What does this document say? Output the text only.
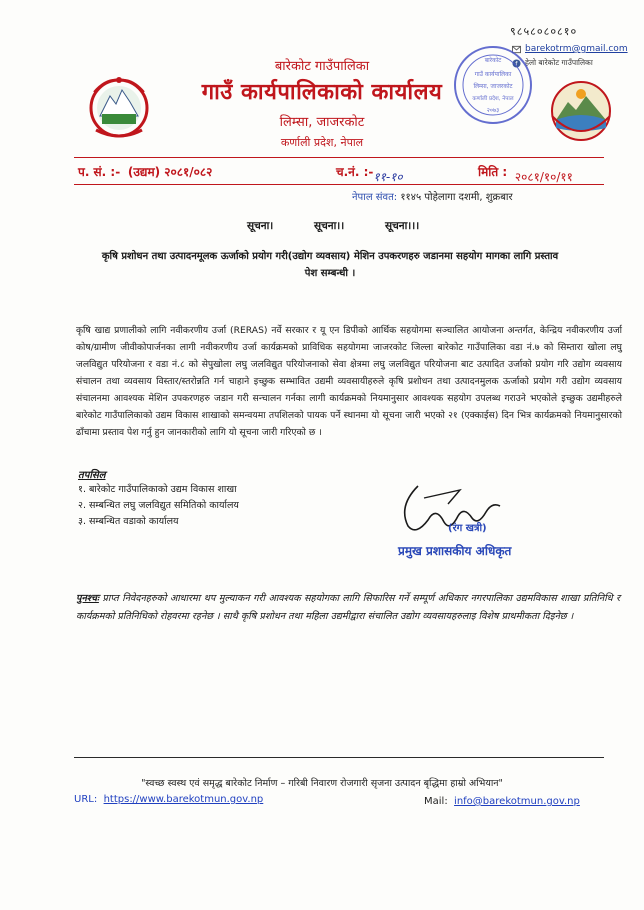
९८५८०८०८१०
barekotrm@gmail.com
f हेलो बारेकोट गाउँपालिका
बारेकोट गाउँपालिका
गाउँ कार्यपालिकाको कार्यालय
लिम्सा, जाजरकोट
कर्णाली प्रदेश, नेपाल
बारेकोट
गाउँ कार्यपालिका
लिम्सा, जाजरकोट
कर्णाली प्रदेश, नेपाल
२०७३
प. सं. :- (उद्यम) २०८१/०८२	च.नं. :- ११-१०	मिति : २०८१/१०/११
नेपाल संवत: ११४५ पोहेलागा दशमी, शुक्रबार
सूचना।	सूचना।।	सूचना।।।
कृषि प्रशोधन तथा उत्पादनमूलक ऊर्जाको प्रयोग गरी(उद्योग व्यवसाय) मेशिन उपकरणहरु जडानमा सहयोग मागका लागि प्रस्ताव पेश सम्बन्धी ।
कृषि खाद्य प्रणालीको लागि नवीकरणीय उर्जा (RERAS) नर्वे सरकार र यू एन डिपीको आर्थिक सहयोगमा सञ्चालित आयोजना अन्तर्गत, केन्द्रिय नवीकरणीय उर्जा कोष/ग्रामीण जीवीकोपार्जनका लागी नवीकरणीय उर्जा कार्यक्रमको प्राविधिक सहयोगमा जाजरकोट जिल्ला बारेकोट गाउँपालिका वडा नं.७ को सिम्तारा खोला लघु जलविद्युत परियोजना र वडा नं.८ को सेपुखोला लघु जलविद्युत परियोजनाको सेवा क्षेत्रमा लघु जलविद्युत परियोजना बाट उत्पादित उर्जाको प्रयोग गरि उद्योग व्यवसाय संचालन तथा व्यवसाय विस्तार/स्तरोन्नति गर्न चाहाने इच्छुक सम्भावित उद्यमी व्यवसायीहरुले कृषि प्रशोधन तथा उत्पादनमुलक ऊर्जाको प्रयोग गरी उद्योग व्यवसाय संचालनमा आवश्यक मेशिन उपकरणहरु जडान गरी सन्चालन गर्नका लागी कार्यक्रमको नियमानुसार आवश्यक सहयोग उपलब्ध गराउने भएकोले इच्छुक उद्यमीहरुले बारेकोट गाउँपालिकाको उद्यम विकास शाखाको समन्वयमा तपशिलको पायक पर्ने स्थानमा यो सूचना जारी भएको २१ (एक्काईस) दिन भित्र कार्यक्रमको नियमानुसारको ढाँचामा प्रस्ताव पेश गर्नु हुन जानकारीको लागि यो सूचना जारी गरिएको छ ।
तपसिल
१. बारेकोट गाउँपालिकाको उद्यम विकास शाखा
२. सम्बन्धित लघु जलविद्युत समितिको कार्यालय
३. सम्बन्धित वडाको कार्यालय
(रंग खत्री)
प्रमुख प्रशासकीय अधिकृत
पुनश्चः प्राप्त निवेदनहरुको आधारमा थप मुल्याकन गरी आवश्यक सहयोगका लागि सिफारिस गर्ने सम्पूर्ण अधिकार नगरपालिका उद्यमविकास शाखा प्रतिनिधि र कार्यक्रमको प्रतिनिधिको रोहवरमा रहनेछ । साथै कृषि प्रशोधन तथा महिला उद्यमीद्वारा संचालित उद्योग व्यवसायहरुलाइ विशेष प्राथमीकता दिइनेछ ।
"स्वच्छ स्वस्थ एवं समृद्ध बारेकोट निर्माण – गरिबी निवारण रोजगारी सृजना उत्पादन बृद्धिमा हाम्रो अभियान"
URL: https://www.barekotmun.gov.np	Mail: info@barekotmun.gov.np
